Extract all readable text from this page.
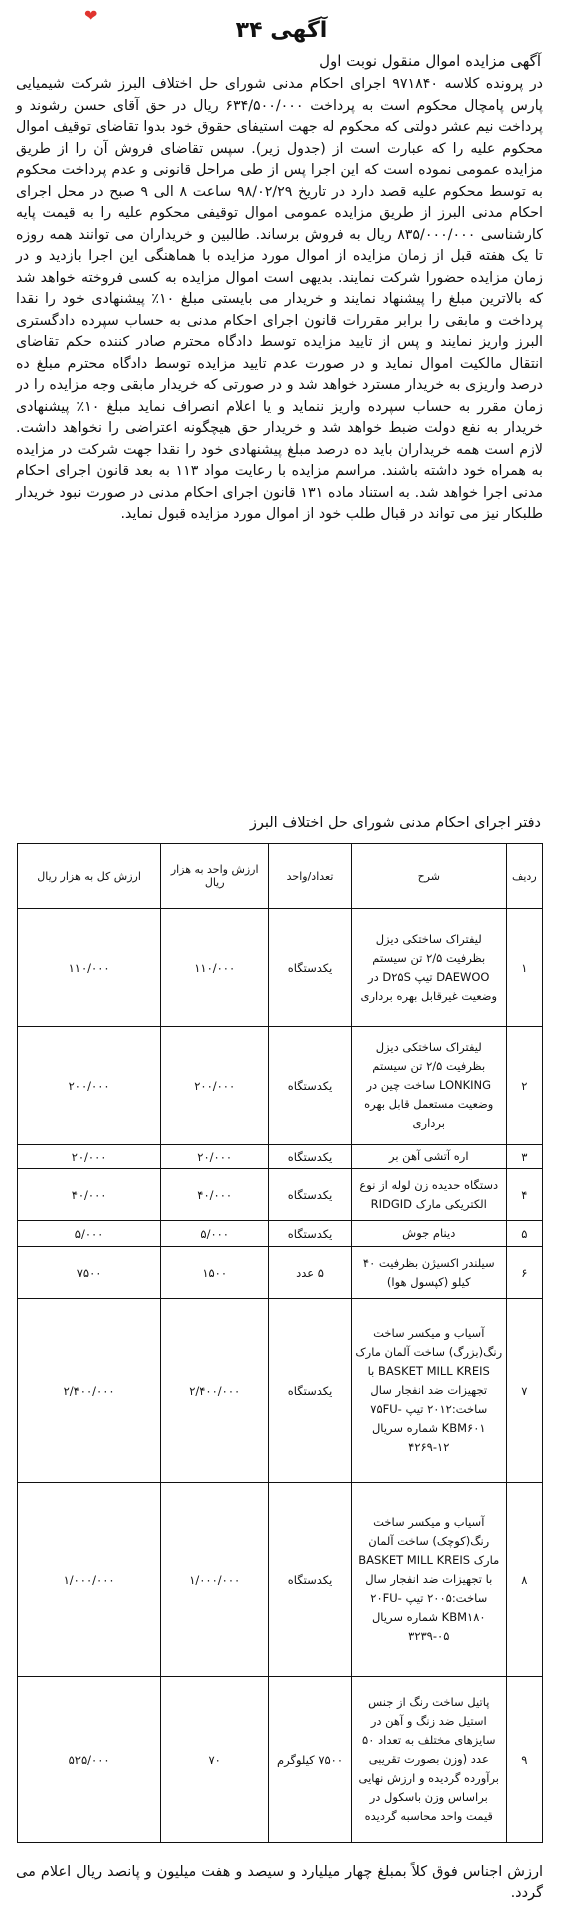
❤
آگهی ۳۴
آگهی مزایده اموال منقول نوبت اول

در پرونده کلاسه ۹۷۱۸۴۰ اجرای احکام مدنی شورای حل اختلاف البرز شرکت شیمیایی پارس پامچال محکوم است به پرداخت ۶۳۴/۵۰۰/۰۰۰ ریال در حق آقای حسن رشوند و پرداخت نیم عشر دولتی که محکوم له جهت استیفای حقوق خود بدوا تقاضای توقیف اموال محکوم علیه را که عبارت است از (جدول زیر). سپس تقاضای فروش آن را از طریق مزایده عمومی نموده است که این اجرا پس از طی مراحل قانونی و عدم پرداخت محکوم به توسط محکوم علیه قصد دارد در تاریخ ۹۸/۰۲/۲۹ ساعت ۸ الی ۹ صبح در محل اجرای احکام مدنی البرز از طریق مزایده عمومی اموال توقیفی محکوم علیه را به قیمت پایه کارشناسی ۸۳۵/۰۰۰/۰۰۰ ریال به فروش برساند. طالبین و خریداران می توانند همه روزه تا یک هفته قبل از زمان مزایده از اموال مورد مزایده با هماهنگی این اجرا بازدید و در زمان مزایده حضورا شرکت نمایند. بدیهی است اموال مزایده به کسی فروخته خواهد شد که بالاترین مبلغ را پیشنهاد نمایند و خریدار می بایستی مبلغ ۱۰٪ پیشنهادی خود را نقدا پرداخت و مابقی را برابر مقررات قانون اجرای احکام مدنی به حساب سپرده دادگستری البرز واریز نمایند و پس از تایید مزایده توسط دادگاه محترم صادر کننده حکم تقاضای انتقال مالکیت اموال نماید و در صورت عدم تایید مزایده توسط دادگاه محترم مبلغ ده درصد واریزی به خریدار مسترد خواهد شد و در صورتی که خریدار مابقی وجه مزایده را در زمان مقرر به حساب سپرده واریز ننماید و یا اعلام انصراف نماید مبلغ ۱۰٪ پیشنهادی خریدار به نفع دولت ضبط خواهد شد و خریدار حق هیچگونه اعتراضی را نخواهد داشت. لازم است همه خریداران باید ده درصد مبلغ پیشنهادی خود را نقدا جهت شرکت در مزایده به همراه خود داشته باشند. مراسم مزایده با رعایت مواد ۱۱۳ به بعد قانون اجرای احکام مدنی اجرا خواهد شد. به استناد ماده ۱۳۱ قانون اجرای احکام مدنی در صورت نبود خریدار طلبکار نیز می تواند در قبال طلب خود از اموال مورد مزایده قبول نماید.

دفتر اجرای احکام مدنی شورای حل اختلاف البرز
ردیف	شرح	تعداد/واحد	ارزش واحد به هزار ریال	ارزش کل به هزار ریال
۱	لیفتراک ساختکی دیزل بظرفیت ۲/۵ تن سیستم DAEWOO تیپ D۲۵S در وضعیت غیرقابل بهره برداری	یکدستگاه	۱۱۰/۰۰۰	۱۱۰/۰۰۰
۲	لیفتراک ساختکی دیزل بظرفیت ۲/۵ تن سیستم LONKING ساخت چین در وضعیت مستعمل قابل بهره برداری	یکدستگاه	۲۰۰/۰۰۰	۲۰۰/۰۰۰
۳	اره آتشی آهن بر	یکدستگاه	۲۰/۰۰۰	۲۰/۰۰۰
۴	دستگاه حدیده زن لوله از نوع الکتریکی مارک RIDGID	یکدستگاه	۴۰/۰۰۰	۴۰/۰۰۰
۵	دینام جوش	یکدستگاه	۵/۰۰۰	۵/۰۰۰
۶	سیلندر اکسیژن بظرفیت ۴۰ کیلو (کپسول هوا)	۵ عدد	۱۵۰۰	۷۵۰۰
۷	آسیاب و میکسر ساخت رنگ(بزرگ) ساخت آلمان مارک BASKET MILL KREIS با تجهیزات ضد انفجار سال ساخت:۲۰۱۲ تیپ ۷۵FU-KBM۶۰۱ شماره سریال ۱۲-۴۲۶۹	یکدستگاه	۲/۴۰۰/۰۰۰	۲/۴۰۰/۰۰۰
۸	آسیاب و میکسر ساخت رنگ(کوچک) ساخت آلمان مارک BASKET MILL KREIS با تجهیزات ضد انفجار سال ساخت:۲۰۰۵ تیپ ۲۰FU-KBM۱۸۰ شماره سریال ۰۵-۳۲۳۹	یکدستگاه	۱/۰۰۰/۰۰۰	۱/۰۰۰/۰۰۰
۹	پاتیل ساخت رنگ از جنس استیل ضد زنگ و آهن در سایزهای مختلف به تعداد ۵۰ عدد (وزن بصورت تقریبی برآورده گردیده و ارزش نهایی براساس وزن باسکول در قیمت واحد محاسبه گردیده	۷۵۰۰ کیلوگرم	۷۰	۵۲۵/۰۰۰
ارزش اجناس فوق کلاً بمبلغ چهار میلیارد و سیصد و هفت میلیون و پانصد ریال اعلام می گردد.
